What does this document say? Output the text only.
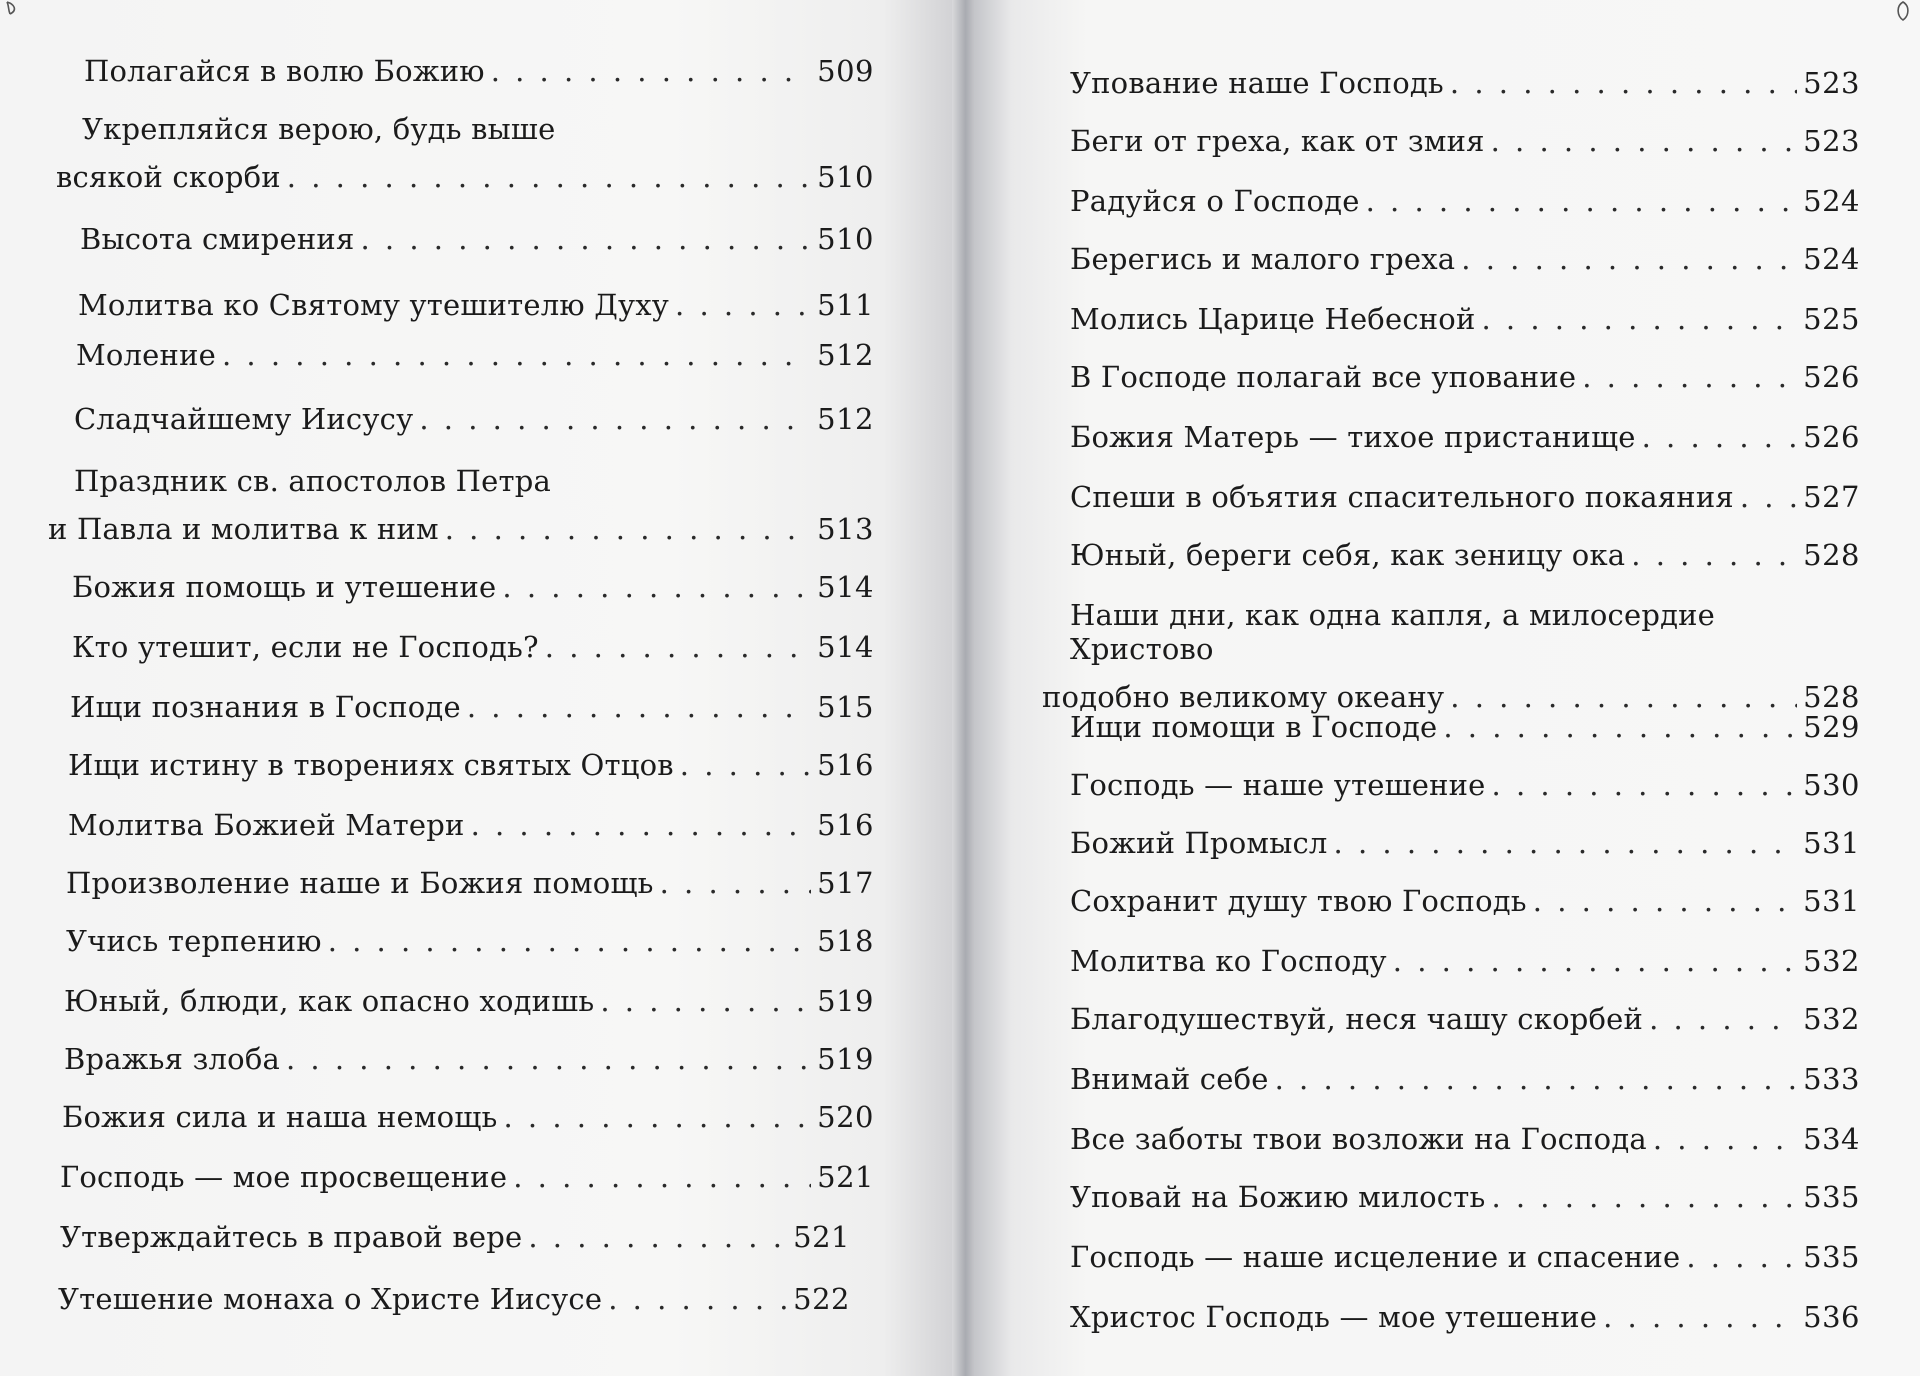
Полагайся в волю Божию . . .	509
Укрепляйся верою, будь выше
всякой скорби . . .	510
Высота смирения . . .	510
Молитва ко Святому утешителю Духу . . .	511
Моление . . .	512
Сладчайшему Иисусу . . .	512
Праздник св. апостолов Петра
и Павла и молитва к ним . . .	513
Божия помощь и утешение . . .	514
Кто утешит, если не Господь? . . .	514
Ищи познания в Господе . . .	515
Ищи истину в творениях святых Отцов . . .	516
Молитва Божией Матери . . .	516
Произволение наше и Божия помощь . . .	517
Учись терпению . . .	518
Юный, блюди, как опасно ходишь . . .	519
Вражья злоба . . .	519
Божия сила и наша немощь . . .	520
Господь — мое просвещение . . .	521
Утверждайтесь в правой вере . . .	521
Утешение монаха о Христе Иисусе . . .	522
Упование наше Господь . . .	523
Беги от греха, как от змия . . .	523
Радуйся о Господе . . .	524
Берегись и малого греха . . .	524
Молись Царице Небесной . . .	525
В Господе полагай все упование . . .	526
Божия Матерь — тихое пристанище . . .	526
Спеши в объятия спасительного покаяния . . . 527
Юный, береги себя, как зеницу ока . . .	528
Наши дни, как одна капля, а милосердие Христово
подобно великому океану . . .	528
Ищи помощи в Господе . . .	529
Господь — наше утешение . . .	530
Божий Промысл . . .	531
Сохранит душу твою Господь . . .	531
Молитва ко Господу . . .	532
Благодушествуй, неся чашу скорбей . . .	532
Внимай себе . . .	533
Все заботы твои возложи на Господа . . .	534
Уповай на Божию милость . . .	535
Господь — наше исцеление и спасение . . .	535
Христос Господь — мое утешение . . .	536
